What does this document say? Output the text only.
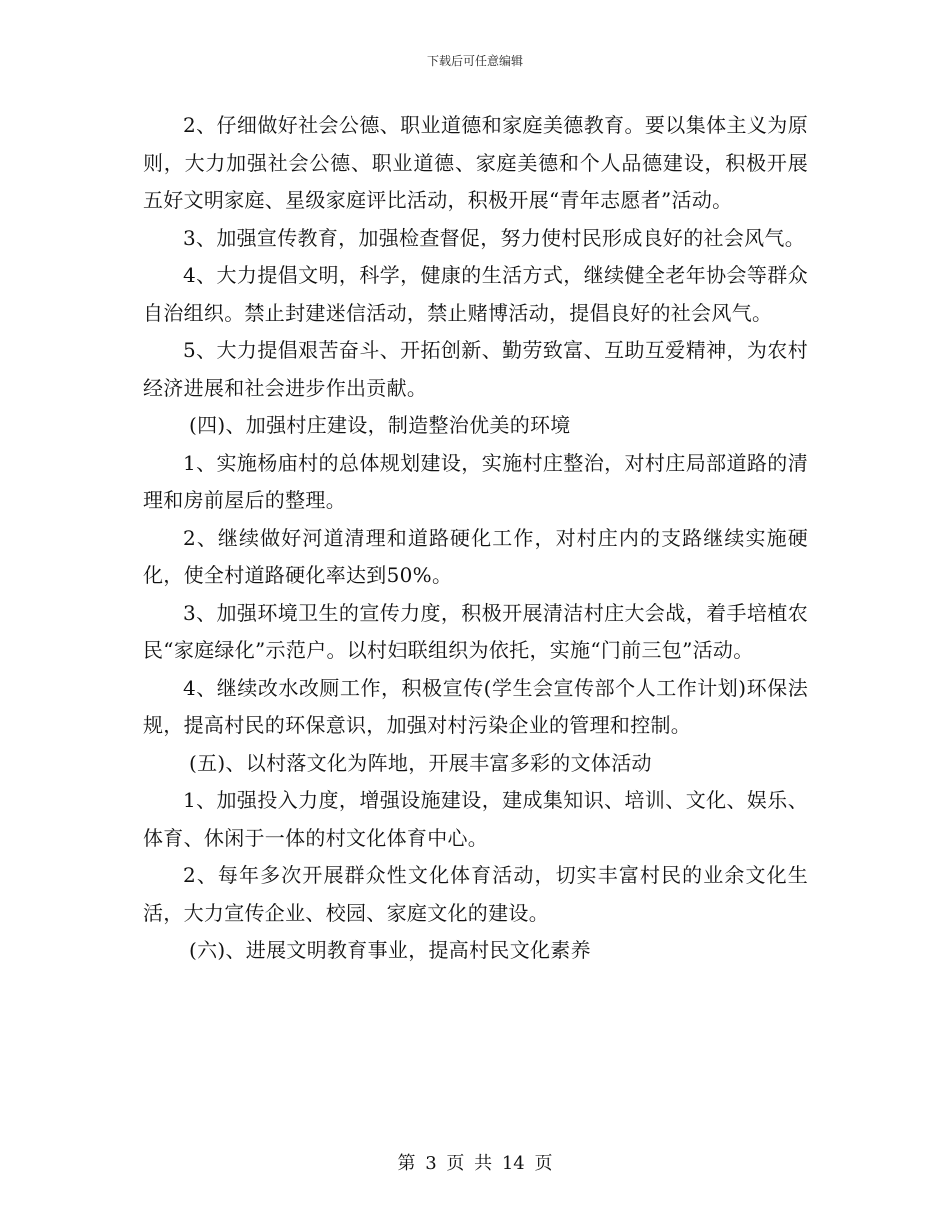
下载后可任意编辑

2、仔细做好社会公德、职业道德和家庭美德教育。要以集体主义为原则，大力加强社会公德、职业道德、家庭美德和个人品德建设，积极开展五好文明家庭、星级家庭评比活动，积极开展“青年志愿者”活动。

3、加强宣传教育，加强检查督促，努力使村民形成良好的社会风气。

4、大力提倡文明，科学，健康的生活方式，继续健全老年协会等群众自治组织。禁止封建迷信活动，禁止赌博活动，提倡良好的社会风气。

5、大力提倡艰苦奋斗、开拓创新、勤劳致富、互助互爱精神，为农村经济进展和社会进步作出贡献。

(四)、加强村庄建设，制造整治优美的环境

1、实施杨庙村的总体规划建设，实施村庄整治，对村庄局部道路的清理和房前屋后的整理。

2、继续做好河道清理和道路硬化工作，对村庄内的支路继续实施硬化，使全村道路硬化率达到50%。

3、加强环境卫生的宣传力度，积极开展清洁村庄大会战，着手培植农民“家庭绿化”示范户。以村妇联组织为依托，实施“门前三包”活动。

4、继续改水改厕工作，积极宣传(学生会宣传部个人工作计划)环保法规，提高村民的环保意识，加强对村污染企业的管理和控制。

(五)、以村落文化为阵地，开展丰富多彩的文体活动

1、加强投入力度，增强设施建设，建成集知识、培训、文化、娱乐、体育、休闲于一体的村文化体育中心。

2、每年多次开展群众性文化体育活动，切实丰富村民的业余文化生活，大力宣传企业、校园、家庭文化的建设。

(六)、进展文明教育事业，提高村民文化素养

第 3 页 共 14 页
